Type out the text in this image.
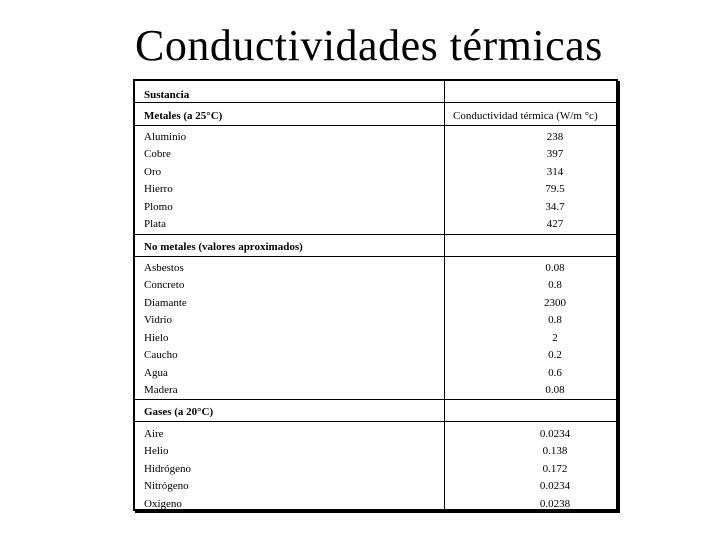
Conductividades térmicas
Sustancia
Metales (a 25°C)	Conductividad térmica (W/m °c)
Aluminio	238
Cobre	397
Oro	314
Hierro	79.5
Plomo	34.7
Plata	427
No metales (valores aproximados)
Asbestos	0.08
Concreto	0.8
Diamante	2300
Vidrio	0.8
Hielo	2
Caucho	0.2
Agua	0.6
Madera	0.08
Gases (a 20°C)
Aire	0.0234
Helio	0.138
Hidrógeno	0.172
Nitrógeno	0.0234
Oxígeno	0.0238
